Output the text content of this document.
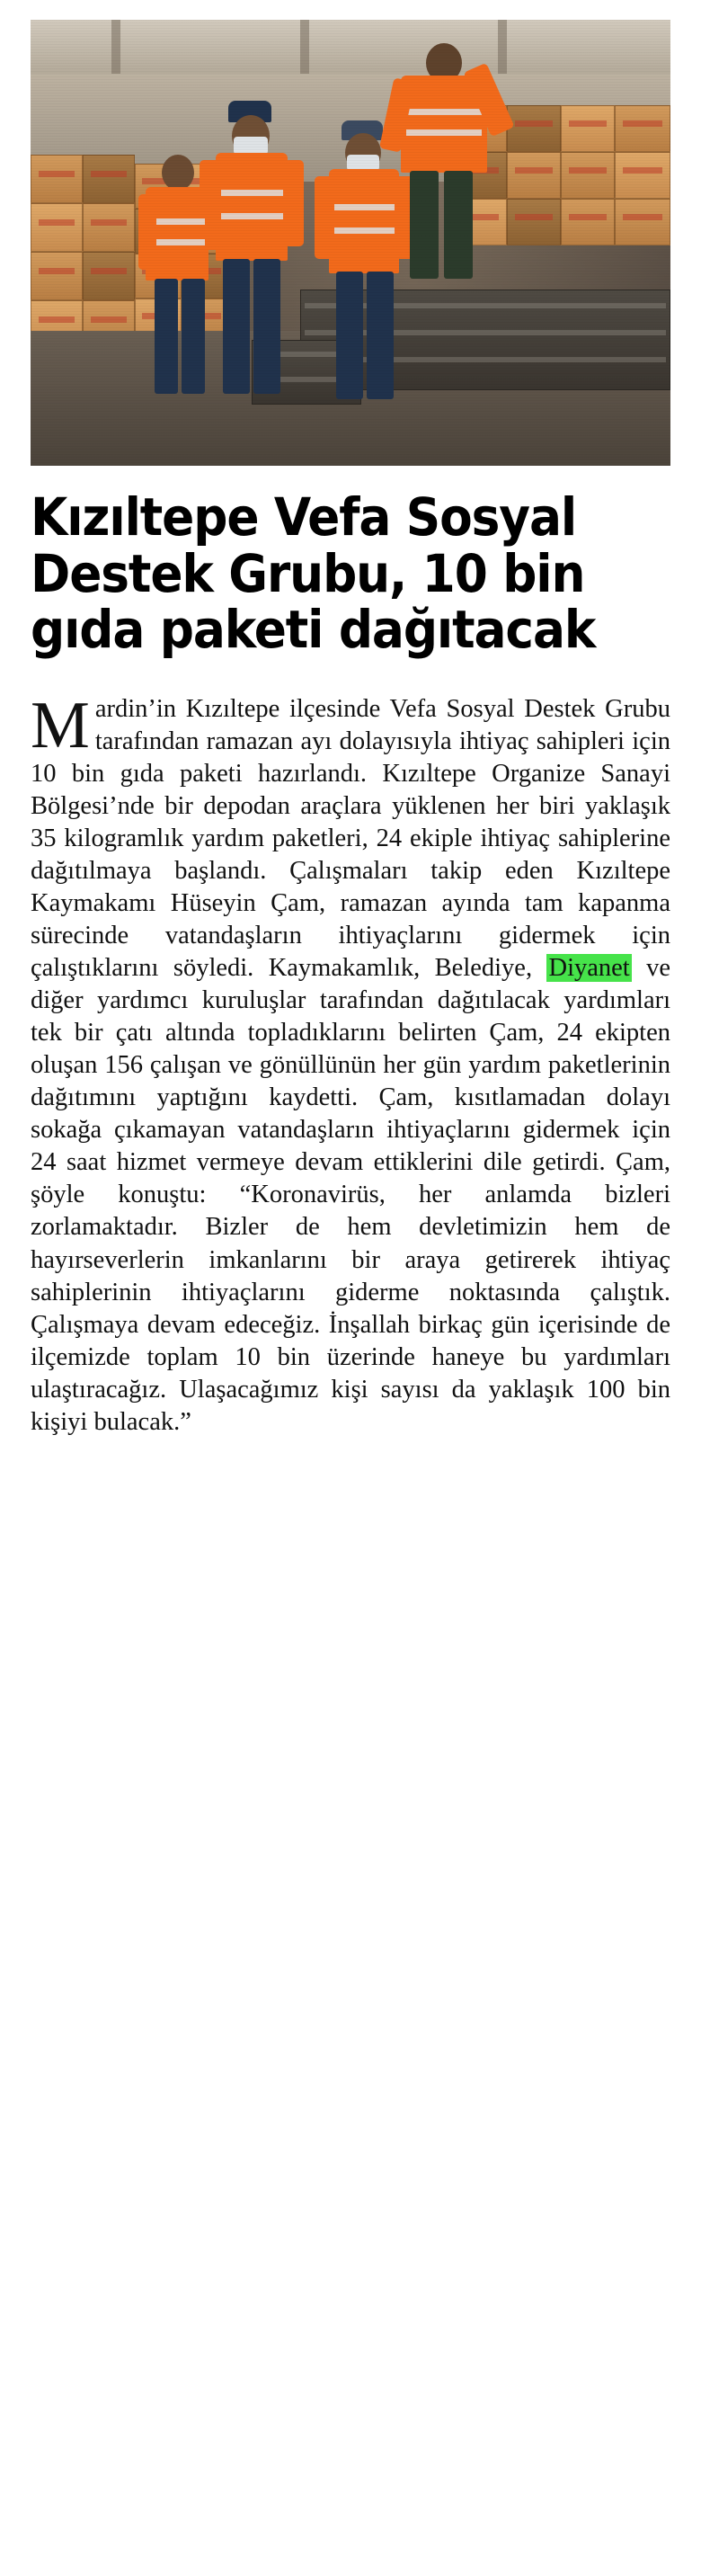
Kızıltepe Vefa Sosyal
Destek Grubu, 10 bin
gıda paketi dağıtacak

Mardin’in Kızıltepe ilçesinde Vefa Sosyal Destek Grubu tarafından ramazan ayı dolayısıyla ihtiyaç sahipleri için 10 bin gıda paketi hazırlandı. Kızıltepe Organize Sanayi Bölgesi’nde bir depodan araçlara yüklenen her biri yaklaşık 35 kilogramlık yardım paketleri, 24 ekiple ihtiyaç sahiplerine dağıtılmaya başlandı. Çalışmaları takip eden Kızıltepe Kaymakamı Hüseyin Çam, ramazan ayında tam kapanma sürecinde vatandaşların ihtiyaçlarını gidermek için çalıştıklarını söyledi. Kaymakamlık, Belediye, Diyanet ve diğer yardımcı kuruluşlar tarafından dağıtılacak yardımları tek bir çatı altında topladıklarını belirten Çam, 24 ekipten oluşan 156 çalışan ve gönüllünün her gün yardım paketlerinin dağıtımını yaptığını kaydetti. Çam, kısıtlamadan dolayı sokağa çıkamayan vatandaşların ihtiyaçlarını gidermek için 24 saat hizmet vermeye devam ettiklerini dile getirdi. Çam, şöyle konuştu: “Koronavirüs, her anlamda bizleri zorlamaktadır. Bizler de hem devletimizin hem de hayırseverlerin imkanlarını bir araya getirerek ihtiyaç sahiplerinin ihtiyaçlarını giderme noktasında çalıştık. Çalışmaya devam edeceğiz. İnşallah birkaç gün içerisinde de ilçemizde toplam 10 bin üzerinde haneye bu yardımları ulaştıracağız. Ulaşacağımız kişi sayısı da yaklaşık 100 bin kişiyi bulacak.”
